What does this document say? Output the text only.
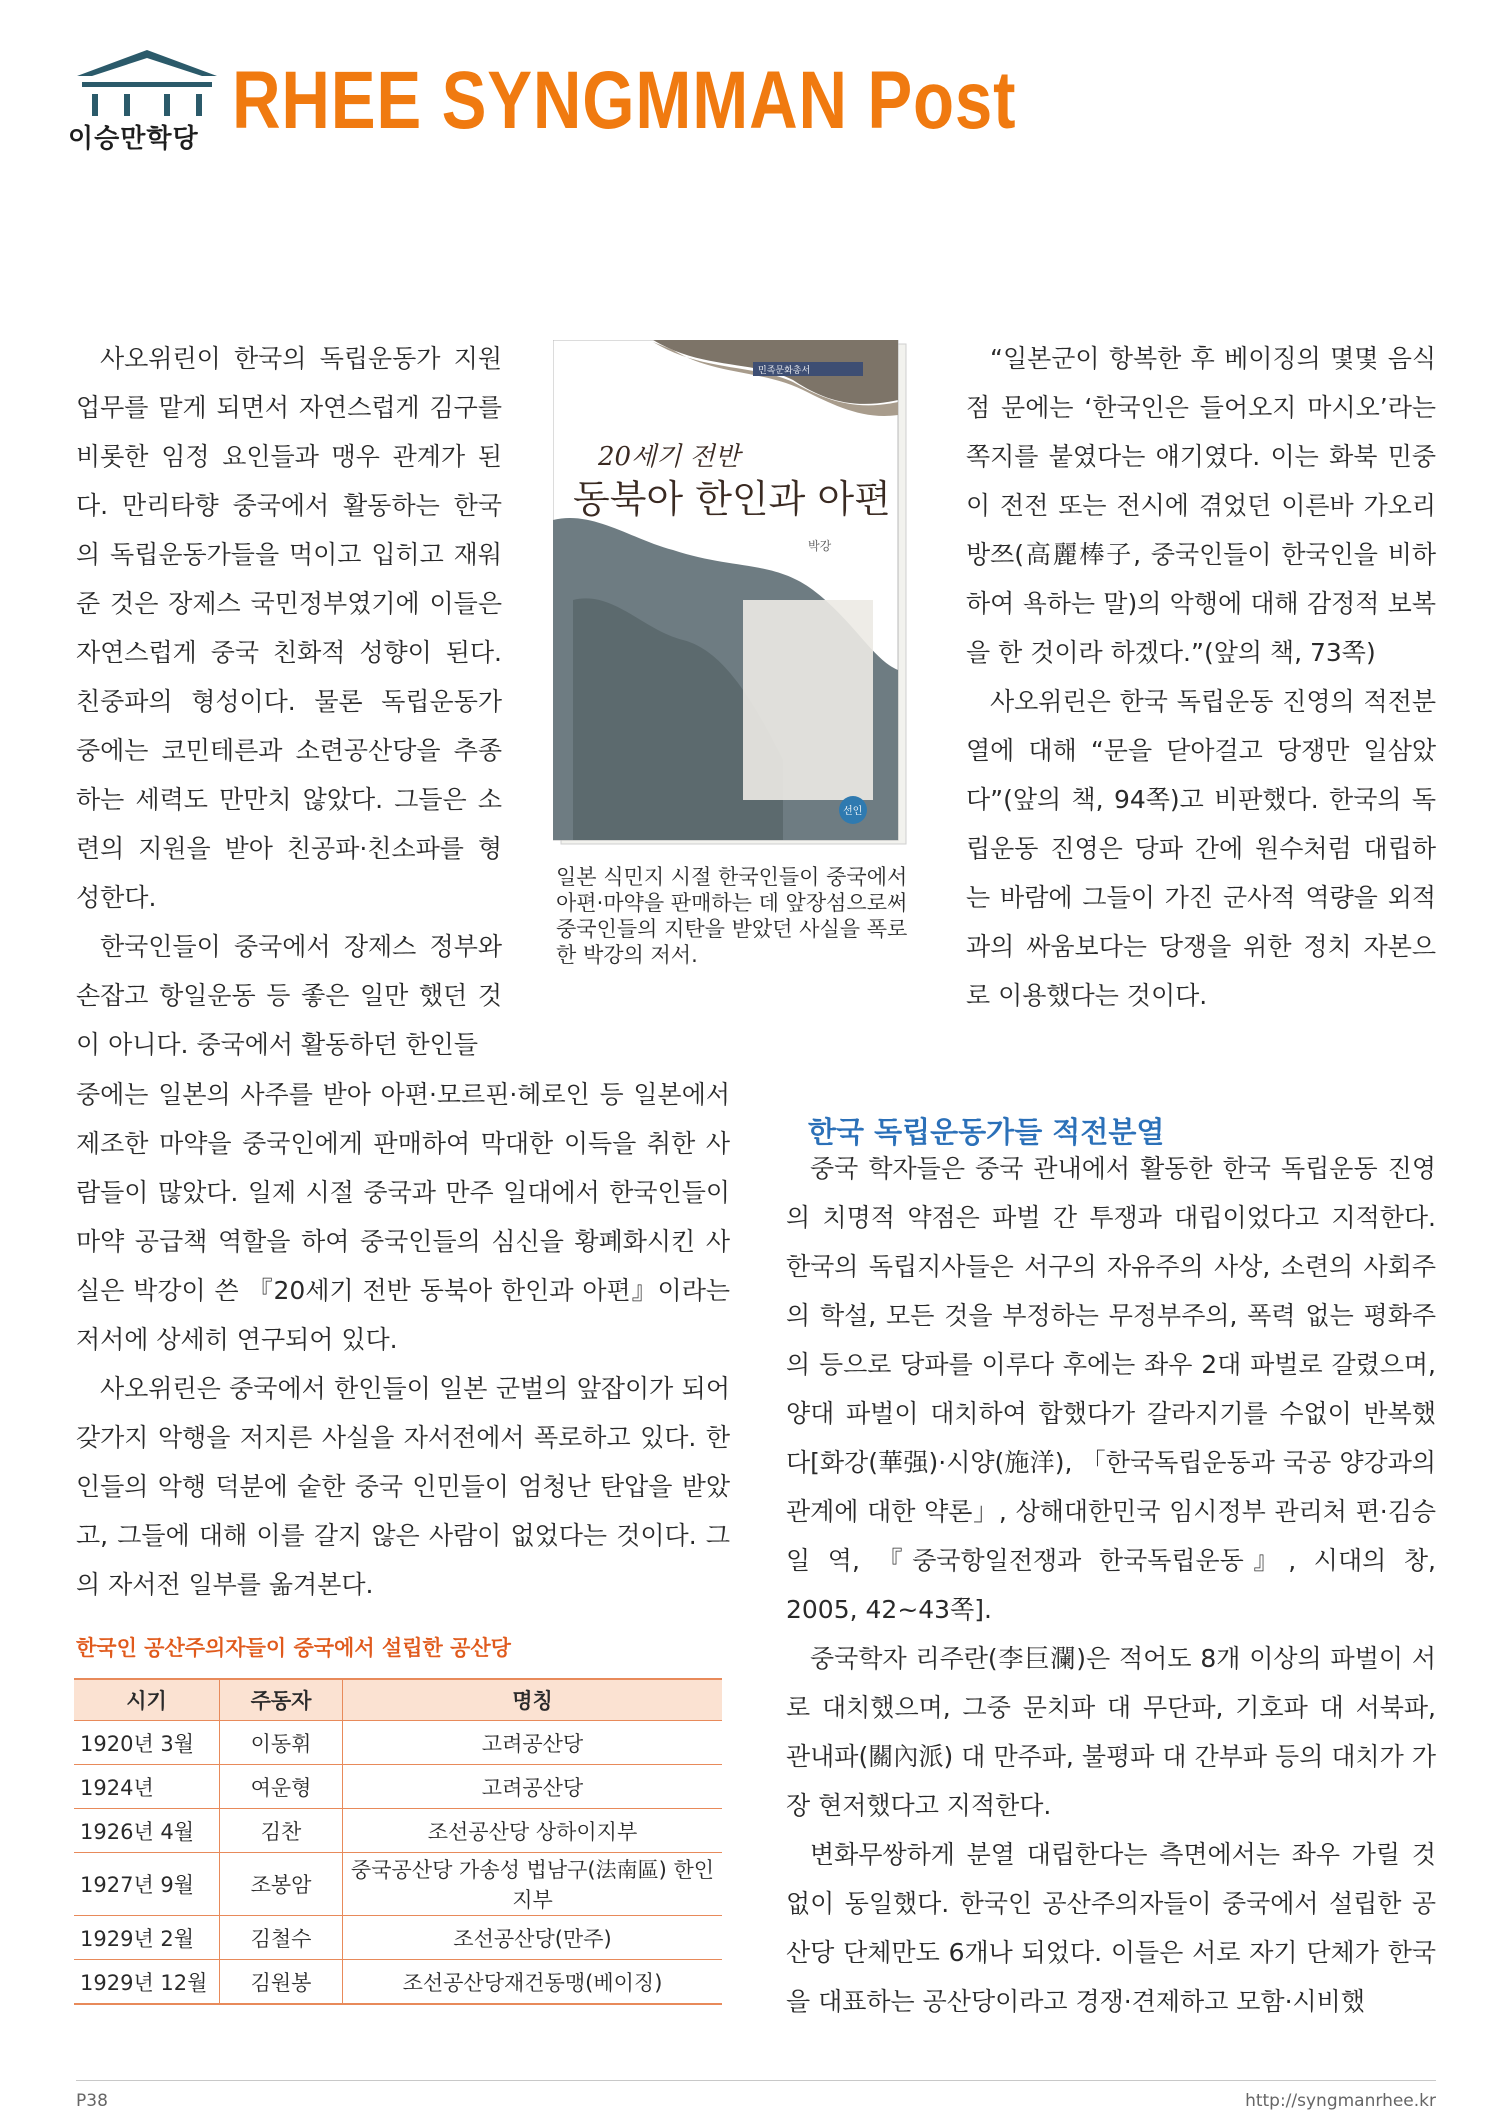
이승만학당 RHEE SYNGMMAN Post

사오위린이 한국의 독립운동가 지원 업무를 맡게 되면서 자연스럽게 김구를 비롯한 임정 요인들과 맹우 관계가 된다. 만리타향 중국에서 활동하는 한국의 독립운동가들을 먹이고 입히고 재워준 것은 장제스 국민정부였기에 이들은 자연스럽게 중국 친화적 성향이 된다. 친중파의 형성이다. 물론 독립운동가 중에는 코민테른과 소련공산당을 추종하는 세력도 만만치 않았다. 그들은 소련의 지원을 받아 친공파·친소파를 형성한다.

한국인들이 중국에서 장제스 정부와 손잡고 항일운동 등 좋은 일만 했던 것이 아니다. 중국에서 활동하던 한인들

민족문화총서
20세기 전반
동북아 한인과 아편
박강
선인
일본 식민지 시절 한국인들이 중국에서 아편·마약을 판매하는 데 앞장섬으로써 중국인들의 지탄을 받았던 사실을 폭로한 박강의 저서.

중에는 일본의 사주를 받아 아편·모르핀·헤로인 등 일본에서 제조한 마약을 중국인에게 판매하여 막대한 이득을 취한 사람들이 많았다. 일제 시절 중국과 만주 일대에서 한국인들이 마약 공급책 역할을 하여 중국인들의 심신을 황폐화시킨 사실은 박강이 쓴 『20세기 전반 동북아 한인과 아편』이라는 저서에 상세히 연구되어 있다.

사오위린은 중국에서 한인들이 일본 군벌의 앞잡이가 되어 갖가지 악행을 저지른 사실을 자서전에서 폭로하고 있다. 한인들의 악행 덕분에 숱한 중국 인민들이 엄청난 탄압을 받았고, 그들에 대해 이를 갈지 않은 사람이 없었다는 것이다. 그의 자서전 일부를 옮겨본다.

한국인 공산주의자들이 중국에서 설립한 공산당
시기	주동자	명칭
1920년 3월	이동휘	고려공산당
1924년	여운형	고려공산당
1926년 4월	김찬	조선공산당 상하이지부
1927년 9월	조봉암	중국공산당 가송성 법남구(法南區) 한인지부
1929년 2월	김철수	조선공산당(만주)
1929년 12월	김원봉	조선공산당재건동맹(베이징)

“일본군이 항복한 후 베이징의 몇몇 음식점 문에는 ‘한국인은 들어오지 마시오’라는 쪽지를 붙였다는 얘기였다. 이는 화북 민중이 전전 또는 전시에 겪었던 이른바 가오리방쯔(高麗棒子, 중국인들이 한국인을 비하하여 욕하는 말)의 악행에 대해 감정적 보복을 한 것이라 하겠다.”(앞의 책, 73쪽)

사오위린은 한국 독립운동 진영의 적전분열에 대해 “문을 닫아걸고 당쟁만 일삼았다”(앞의 책, 94쪽)고 비판했다. 한국의 독립운동 진영은 당파 간에 원수처럼 대립하는 바람에 그들이 가진 군사적 역량을 외적과의 싸움보다는 당쟁을 위한 정치 자본으로 이용했다는 것이다.

한국 독립운동가들 적전분열

중국 학자들은 중국 관내에서 활동한 한국 독립운동 진영의 치명적 약점은 파벌 간 투쟁과 대립이었다고 지적한다. 한국의 독립지사들은 서구의 자유주의 사상, 소련의 사회주의 학설, 모든 것을 부정하는 무정부주의, 폭력 없는 평화주의 등으로 당파를 이루다 후에는 좌우 2대 파벌로 갈렸으며, 양대 파벌이 대치하여 합했다가 갈라지기를 수없이 반복했다[화강(華强)·시양(施洋), 「한국독립운동과 국공 양강과의 관계에 대한 약론」, 상해대한민국 임시정부 관리처 편·김승일 역, 『중국항일전쟁과 한국독립운동』, 시대의 창, 2005, 42~43쪽].

중국학자 리주란(李巨瀾)은 적어도 8개 이상의 파벌이 서로 대치했으며, 그중 문치파 대 무단파, 기호파 대 서북파, 관내파(關內派) 대 만주파, 불평파 대 간부파 등의 대치가 가장 현저했다고 지적한다.

변화무쌍하게 분열 대립한다는 측면에서는 좌우 가릴 것 없이 동일했다. 한국인 공산주의자들이 중국에서 설립한 공산당 단체만도 6개나 되었다. 이들은 서로 자기 단체가 한국을 대표하는 공산당이라고 경쟁·견제하고 모함·시비했

P38	http://syngmanrhee.kr
